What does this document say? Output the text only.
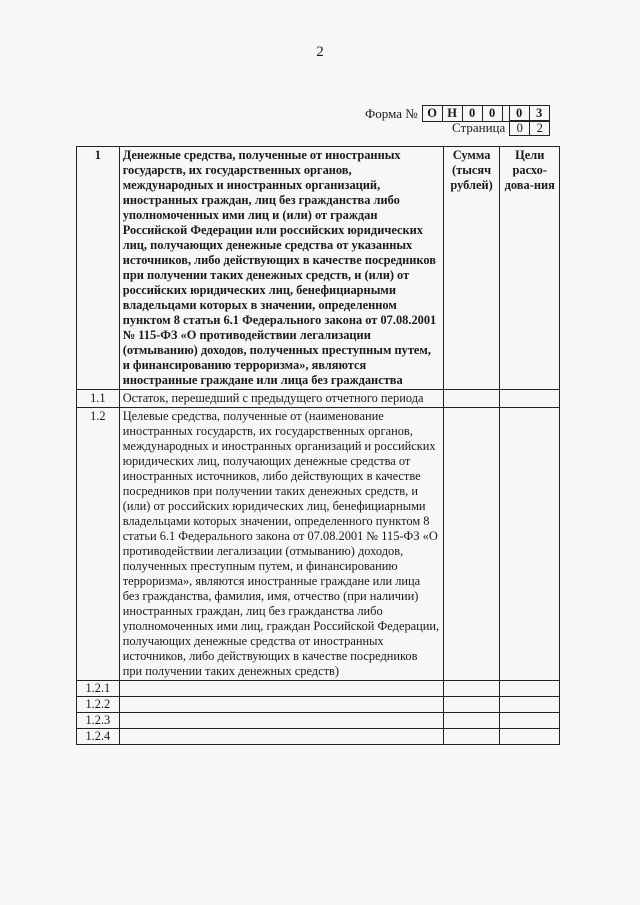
2
Форма № О Н 0	0	0	3
Страница 0	2
1	Денежные средства, полученные от иностранных государств, их государственных органов, международных и иностранных организаций, иностранных граждан, лиц без гражданства либо уполномоченных ими лиц и (или) от граждан Российской Федерации или российских юридических лиц, получающих денежные средства от указанных источников, либо действующих в качестве посредников при получении таких денежных средств, и (или) от российских юридических лиц, бенефициарными владельцами которых в значении, определенном пунктом 8 статьи 6.1 Федерального закона от 07.08.2001 № 115-ФЗ «О противодействии легализации (отмыванию) доходов, полученных преступным путем, и финансированию терроризма», являются иностранные граждане или лица без гражданства	Сумма (тысяч рублей)	Цели расхо-дова-ния
1.1	Остаток, перешедший с предыдущего отчетного периода		
1.2	Целевые средства, полученные от (наименование иностранных государств, их государственных органов, международных и иностранных организаций и российских юридических лиц, получающих денежные средства от иностранных источников, либо действующих в качестве посредников при получении таких денежных средств, и (или) от российских юридических лиц, бенефициарными владельцами которых значении, определенного пунктом 8 статьи 6.1 Федерального закона от 07.08.2001 № 115-ФЗ «О противодействии легализации (отмыванию) доходов, полученных преступным путем, и финансированию терроризма», являются иностранные граждане или лица без гражданства, фамилия, имя, отчество (при наличии) иностранных граждан, лиц без гражданства либо уполномоченных ими лиц, граждан Российской Федерации, получающих денежные средства от иностранных источников, либо действующих в качестве посредников при получении таких денежных средств)		
1.2.1			
1.2.2			
1.2.3			
1.2.4			
